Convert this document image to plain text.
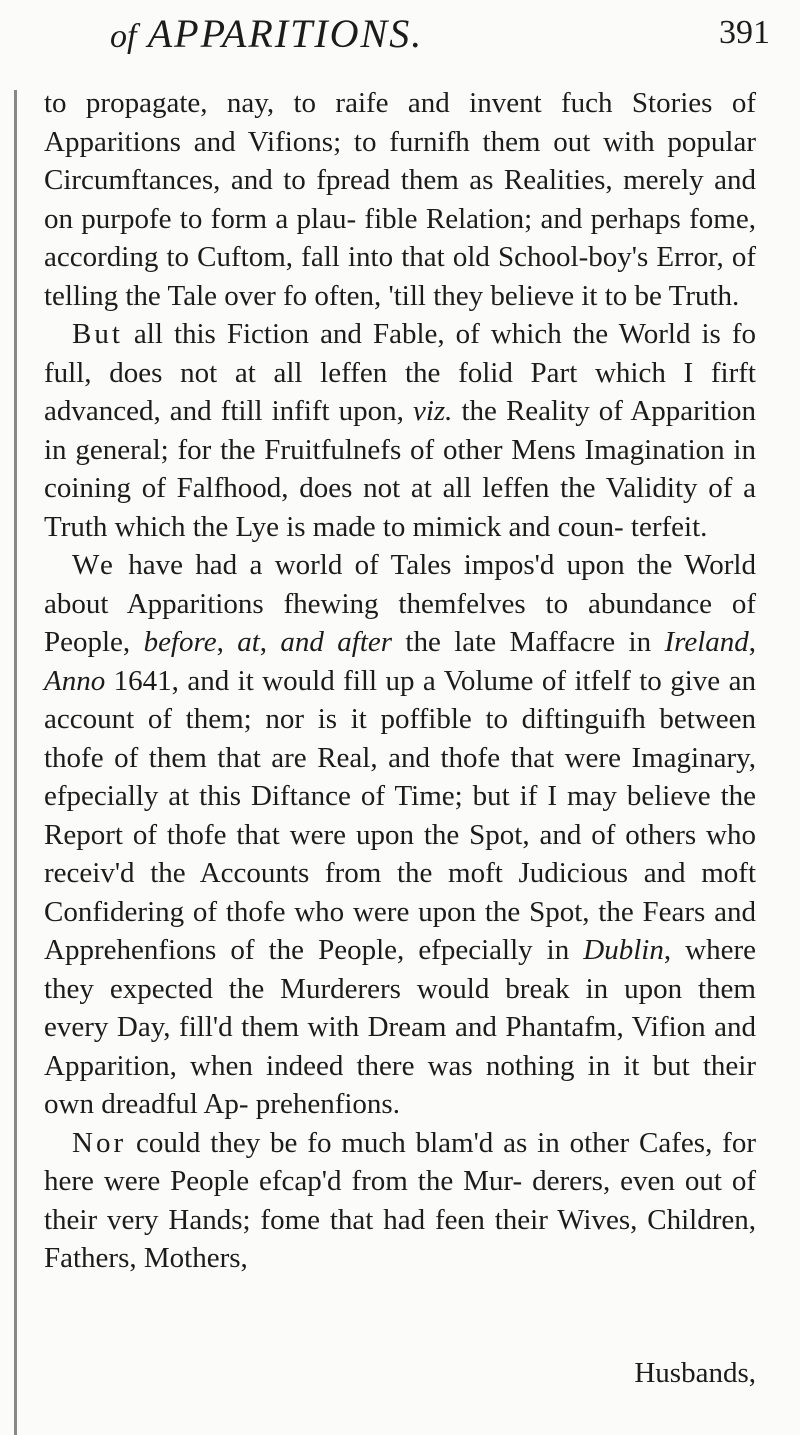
of APPARITIONS.	391

to propagate, nay, to raife and invent fuch Stories of Apparitions and Vifions; to furnifh them out with popular Circumftances, and to fpread them as Realities, merely and on purpofe to form a plau- fible Relation; and perhaps fome, according to Cuftom, fall into that old School-boy's Error, of telling the Tale over fo often, 'till they believe it to be Truth.

But all this Fiction and Fable, of which the World is fo full, does not at all leffen the folid Part which I firft advanced, and ftill infift upon, viz. the Reality of Apparition in general; for the Fruitfulnefs of other Mens Imagination in coining of Falfhood, does not at all leffen the Validity of a Truth which the Lye is made to mimick and coun- terfeit.

We have had a world of Tales impos'd upon the World about Apparitions fhewing themfelves to abundance of People, before, at, and after the late Maffacre in Ireland, Anno 1641, and it would fill up a Volume of itfelf to give an account of them; nor is it poffible to diftinguifh between thofe of them that are Real, and thofe that were Imaginary, efpecially at this Diftance of Time; but if I may believe the Report of thofe that were upon the Spot, and of others who receiv'd the Accounts from the moft Judicious and moft Confidering of thofe who were upon the Spot, the Fears and Apprehenfions of the People, efpecially in Dublin, where they expected the Murderers would break in upon them every Day, fill'd them with Dream and Phantafm, Vifion and Apparition, when indeed there was nothing in it but their own dreadful Ap- prehenfions.

Nor could they be fo much blam'd as in other Cafes, for here were People efcap'd from the Mur- derers, even out of their very Hands; fome that had feen their Wives, Children, Fathers, Mothers,

Husbands,
